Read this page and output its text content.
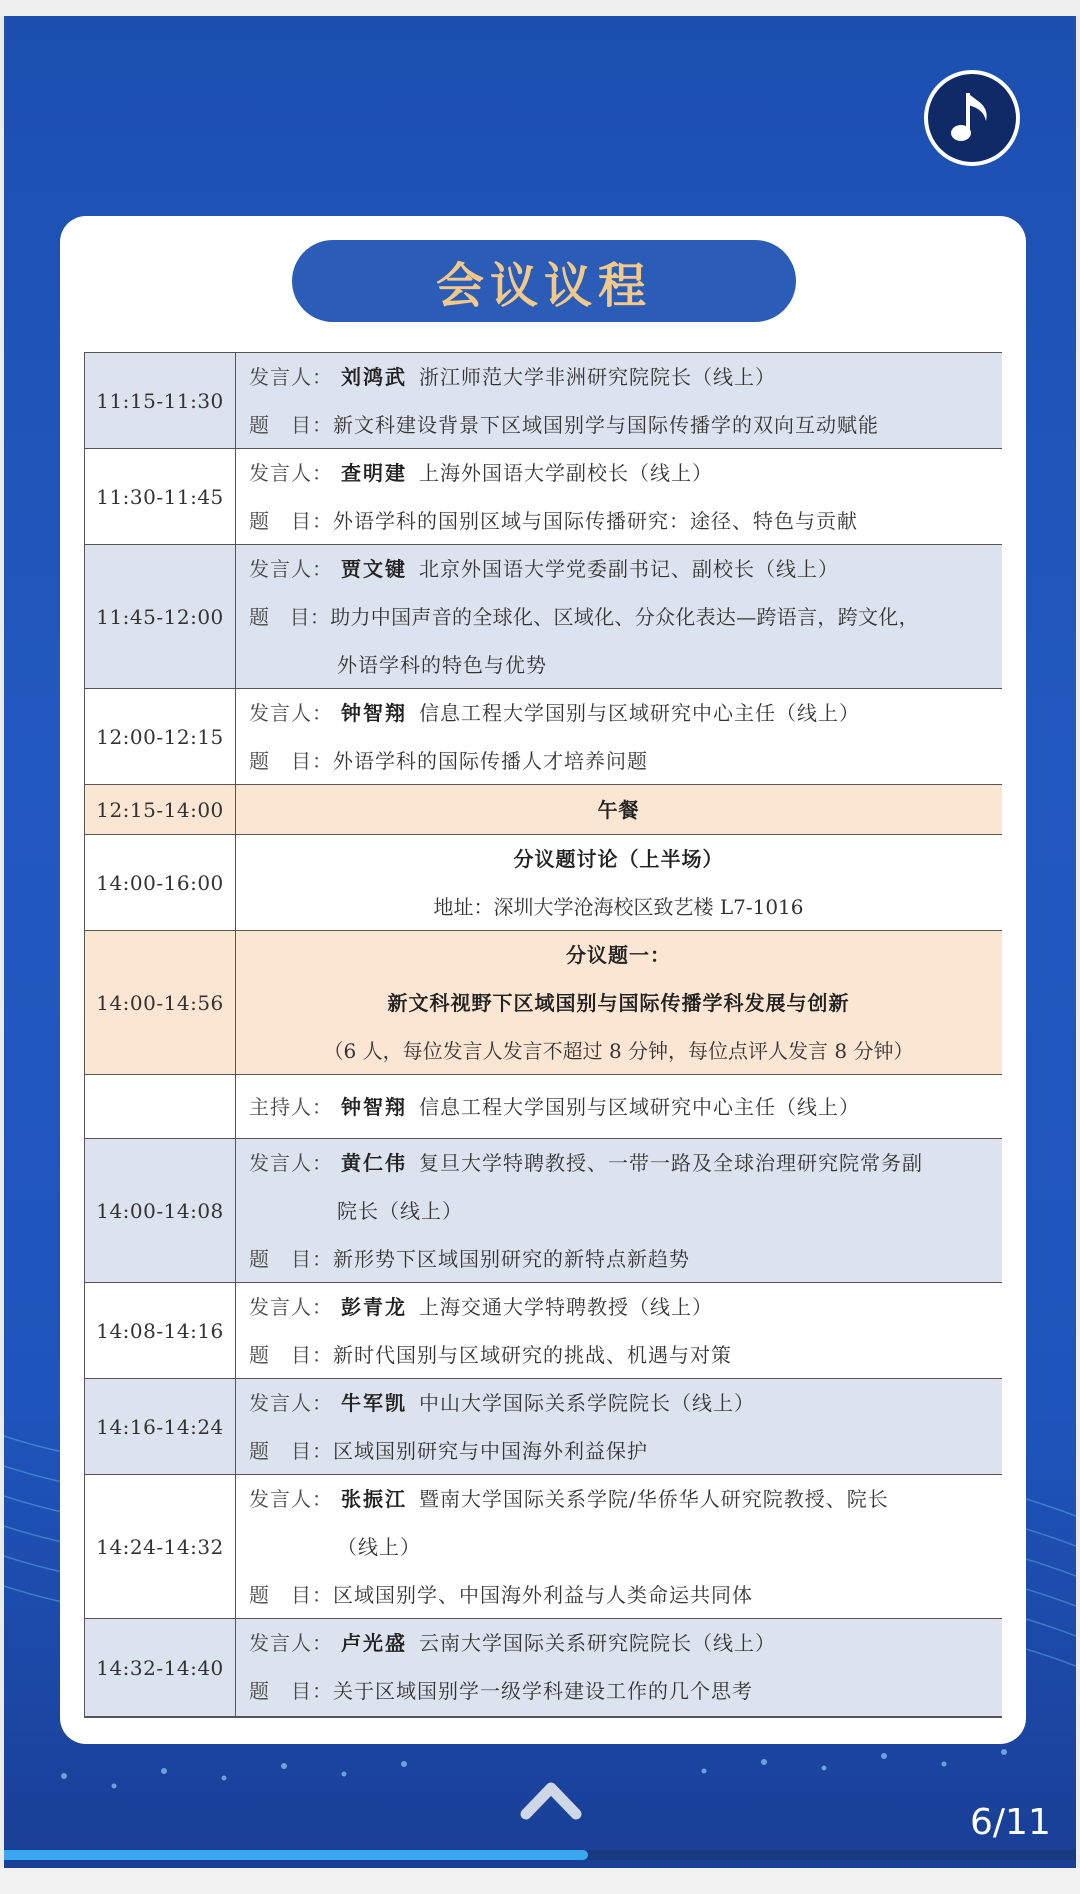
会议议程
11:15-11:30
发言人： 刘鸿武 浙江师范大学非洲研究院院长（线上）
题　目：新文科建设背景下区域国别学与国际传播学的双向互动赋能
11:30-11:45
发言人： 查明建 上海外国语大学副校长（线上）
题　目：外语学科的国别区域与国际传播研究：途径、特色与贡献
11:45-12:00
发言人： 贾文键 北京外国语大学党委副书记、副校长（线上）
题　目：助力中国声音的全球化、区域化、分众化表达—跨语言，跨文化，
外语学科的特色与优势
12:00-12:15
发言人： 钟智翔 信息工程大学国别与区域研究中心主任（线上）
题　目：外语学科的国际传播人才培养问题
12:15-14:00	午餐
14:00-16:00
分议题讨论（上半场）
地址：深圳大学沧海校区致艺楼 L7-1016
14:00-14:56
分议题一：
新文科视野下区域国别与国际传播学科发展与创新
（6 人，每位发言人发言不超过 8 分钟，每位点评人发言 8 分钟）
主持人： 钟智翔 信息工程大学国别与区域研究中心主任（线上）
14:00-14:08
发言人： 黄仁伟 复旦大学特聘教授、一带一路及全球治理研究院常务副
院长（线上）
题　目：新形势下区域国别研究的新特点新趋势
14:08-14:16
发言人： 彭青龙 上海交通大学特聘教授（线上）
题　目：新时代国别与区域研究的挑战、机遇与对策
14:16-14:24
发言人： 牛军凯 中山大学国际关系学院院长（线上）
题　目：区域国别研究与中国海外利益保护
14:24-14:32
发言人： 张振江 暨南大学国际关系学院/华侨华人研究院教授、院长
（线上）
题　目：区域国别学、中国海外利益与人类命运共同体
14:32-14:40
发言人： 卢光盛 云南大学国际关系研究院院长（线上）
题　目：关于区域国别学一级学科建设工作的几个思考
6/11
